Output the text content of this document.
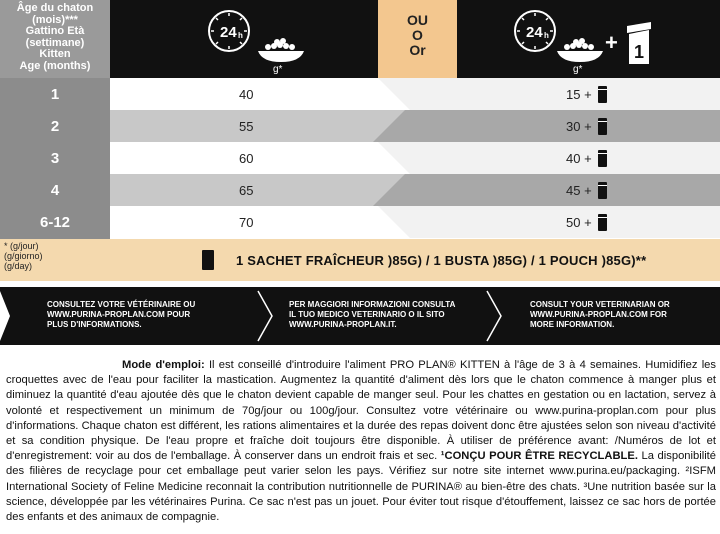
Âge du chaton
(mois)***
Gattino Età
(settimane)
Kitten
Age (months)
24 h
g*
OU
O
Or
24 h
g*
+ 1
1
2
3
4
6-12
40
55
60
65
70
15 +
30 +
40 +
45 +
50 +
* (g/jour)
(g/giorno)
(g/day)	1 SACHET FRAÎCHEUR )85G) / 1 BUSTA )85G) / 1 POUCH )85G)**
CONSULTEZ VOTRE VÉTÉRINAIRE OU
WWW.PURINA-PROPLAN.COM POUR
PLUS D'INFORMATIONS.
PER MAGGIORI INFORMAZIONI CONSULTA
IL TUO MEDICO VETERINARIO O IL SITO
WWW.PURINA-PROPLAN.IT.
CONSULT YOUR VETERINARIAN OR
WWW.PURINA-PROPLAN.COM FOR
MORE INFORMATION.
Mode d'emploi: Il est conseillé d'introduire l'aliment PRO PLAN® KITTEN à l'âge de 3 à 4 semaines. Humidifiez les croquettes avec de l'eau pour faciliter la mastication. Augmentez la quantité d'aliment dès lors que le chaton commence à manger plus et diminuez la quantité d'eau ajoutée dès que le chaton devient capable de manger seul. Pour les chattes en gestation ou en lactation, servez à volonté et respectivement un minimum de 70g/jour ou 100g/jour. Consultez votre vétérinaire ou www.purina-proplan.com pour plus d'informations. Chaque chaton est différent, les rations alimentaires et la durée des repas doivent donc être ajustées selon son niveau d'activité et sa condition physique. De l'eau propre et fraîche doit toujours être disponible. À utiliser de préférence avant: /Numéros de lot et d'enregistrement: voir au dos de l'emballage. À conserver dans un endroit frais et sec. ¹CONÇU POUR ÊTRE RECYCLABLE. La disponibilité des filières de recyclage pour cet emballage peut varier selon les pays. Vérifiez sur notre site internet www.purina.eu/packaging. ²ISFM International Society of Feline Medicine reconnait la contribution nutritionnelle de PURINA® au bien-être des chats. ³Une nutrition basée sur la science, développée par les vétérinaires Purina. Ce sac n'est pas un jouet. Pour éviter tout risque d'étouffement, laissez ce sac hors de portée des enfants et des animaux de compagnie.
